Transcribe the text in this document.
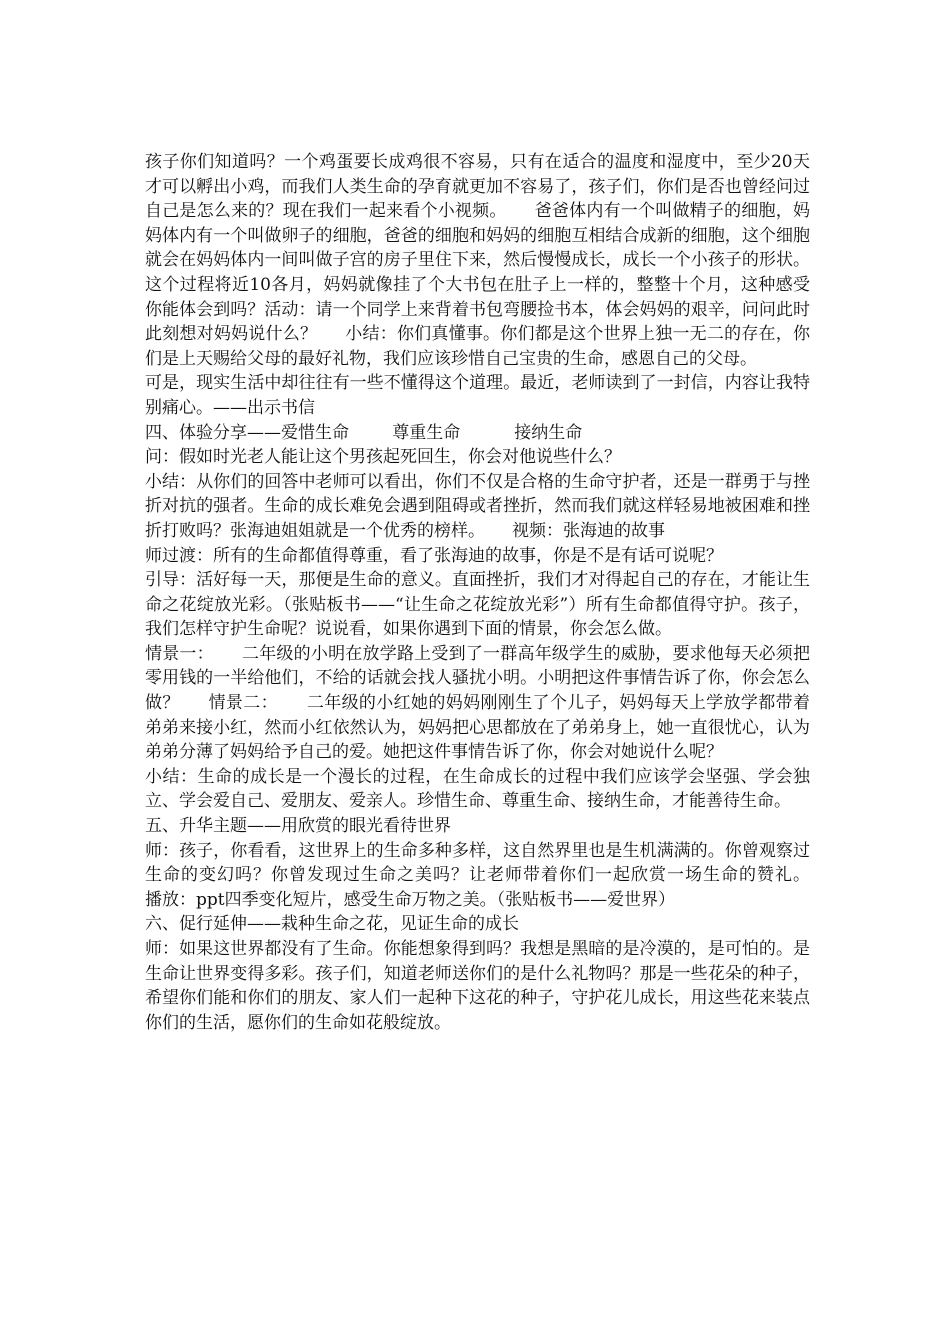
孩子你们知道吗？一个鸡蛋要长成鸡很不容易，只有在适合的温度和湿度中，至少20天才可以孵出小鸡，而我们人类生命的孕育就更加不容易了，孩子们，你们是否也曾经问过自己是怎么来的？现在我们一起来看个小视频。     爸爸体内有一个叫做精子的细胞，妈妈体内有一个叫做卵子的细胞，爸爸的细胞和妈妈的细胞互相结合成新的细胞，这个细胞就会在妈妈体内一间叫做子宫的房子里住下来，然后慢慢成长，成长一个小孩子的形状。这个过程将近10各月，妈妈就像挂了个大书包在肚子上一样的，整整十个月，这种感受你能体会到吗？活动：请一个同学上来背着书包弯腰捡书本，体会妈妈的艰辛，问问此时此刻想对妈妈说什么？     小结：你们真懂事。你们都是这个世界上独一无二的存在，你们是上天赐给父母的最好礼物，我们应该珍惜自己宝贵的生命，感恩自己的父母。

可是，现实生活中却往往有一些不懂得这个道理。最近，老师读到了一封信，内容让我特别痛心。——出示书信

四、体验分享——爱惜生命        尊重生命          接纳生命

问：假如时光老人能让这个男孩起死回生，你会对他说些什么？

小结：从你们的回答中老师可以看出，你们不仅是合格的生命守护者，还是一群勇于与挫折对抗的强者。生命的成长难免会遇到阻碍或者挫折，然而我们就这样轻易地被困难和挫折打败吗？张海迪姐姐就是一个优秀的榜样。     视频：张海迪的故事

师过渡：所有的生命都值得尊重，看了张海迪的故事，你是不是有话可说呢？

引导：活好每一天，那便是生命的意义。直面挫折，我们才对得起自己的存在，才能让生命之花绽放光彩。（张贴板书——“让生命之花绽放光彩”）所有生命都值得守护。孩子，我们怎样守护生命呢？说说看，如果你遇到下面的情景，你会怎么做。

情景一：     二年级的小明在放学路上受到了一群高年级学生的威胁，要求他每天必须把零用钱的一半给他们，不给的话就会找人骚扰小明。小明把这件事情告诉了你，你会怎么做？     情景二：     二年级的小红她的妈妈刚刚生了个儿子，妈妈每天上学放学都带着弟弟来接小红，然而小红依然认为，妈妈把心思都放在了弟弟身上，她一直很忧心，认为弟弟分薄了妈妈给予自己的爱。她把这件事情告诉了你，你会对她说什么呢？

小结：生命的成长是一个漫长的过程，在生命成长的过程中我们应该学会坚强、学会独立、学会爱自己、爱朋友、爱亲人。珍惜生命、尊重生命、接纳生命，才能善待生命。

五、升华主题——用欣赏的眼光看待世界

师：孩子，你看看，这世界上的生命多种多样，这自然界里也是生机满满的。你曾观察过生命的变幻吗？你曾发现过生命之美吗？让老师带着你们一起欣赏一场生命的赞礼。     播放：ppt四季变化短片，感受生命万物之美。（张贴板书——爱世界）

六、促行延伸——栽种生命之花，见证生命的成长

师：如果这世界都没有了生命。你能想象得到吗？我想是黑暗的是冷漠的，是可怕的。是生命让世界变得多彩。孩子们，知道老师送你们的是什么礼物吗？那是一些花朵的种子，希望你们能和你们的朋友、家人们一起种下这花的种子，守护花儿成长，用这些花来装点你们的生活，愿你们的生命如花般绽放。
